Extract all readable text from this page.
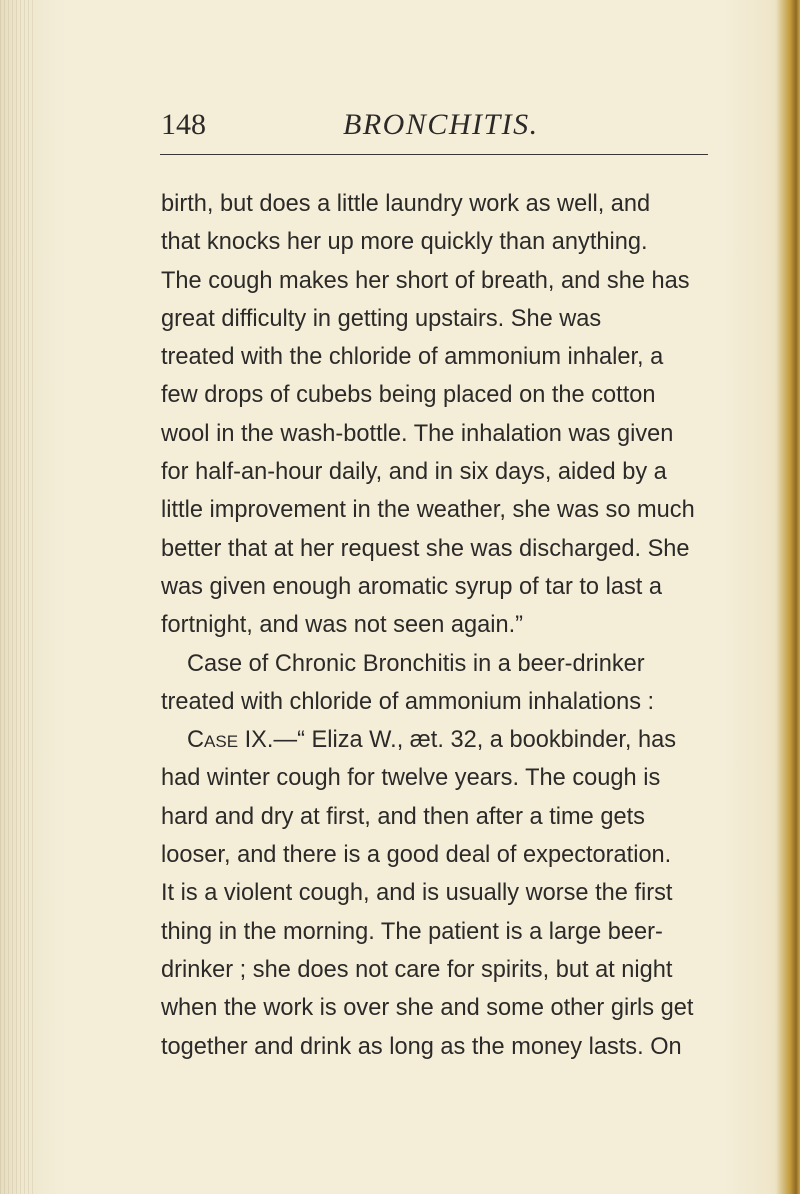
148	BRONCHITIS.
birth, but does a little laundry work as well, and
that knocks her up more quickly than anything.
The cough makes her short of breath, and she has
great difficulty in getting upstairs. She was
treated with the chloride of ammonium inhaler, a
few drops of cubebs being placed on the cotton
wool in the wash-bottle. The inhalation was given
for half-an-hour daily, and in six days, aided by a
little improvement in the weather, she was so much
better that at her request she was discharged. She
was given enough aromatic syrup of tar to last a
fortnight, and was not seen again.”
Case of Chronic Bronchitis in a beer-drinker
treated with chloride of ammonium inhalations :
Case IX.—“ Eliza W., æt. 32, a bookbinder, has
had winter cough for twelve years. The cough is
hard and dry at first, and then after a time gets
looser, and there is a good deal of expectoration.
It is a violent cough, and is usually worse the first
thing in the morning. The patient is a large beer-
drinker ; she does not care for spirits, but at night
when the work is over she and some other girls get
together and drink as long as the money lasts. On
